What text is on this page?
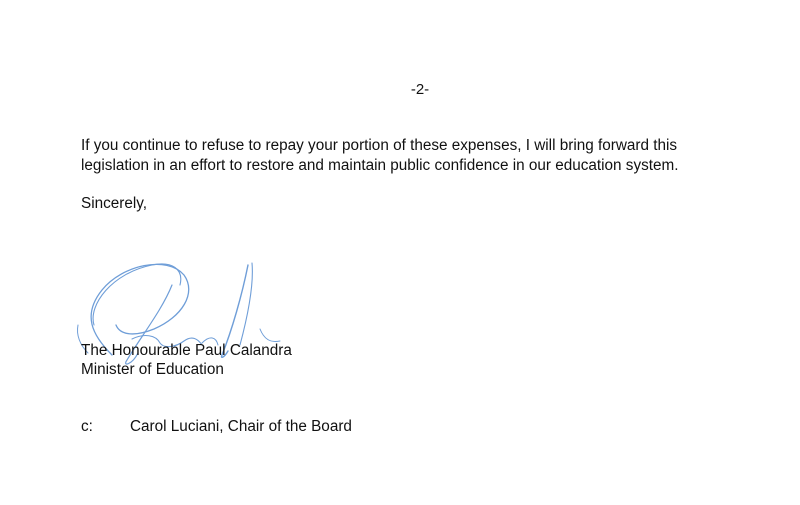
-2-

If you continue to refuse to repay your portion of these expenses, I will bring forward this legislation in an effort to restore and maintain public confidence in our education system.

Sincerely,
The Honourable Paul Calandra
Minister of Education
c:	Carol Luciani, Chair of the Board
